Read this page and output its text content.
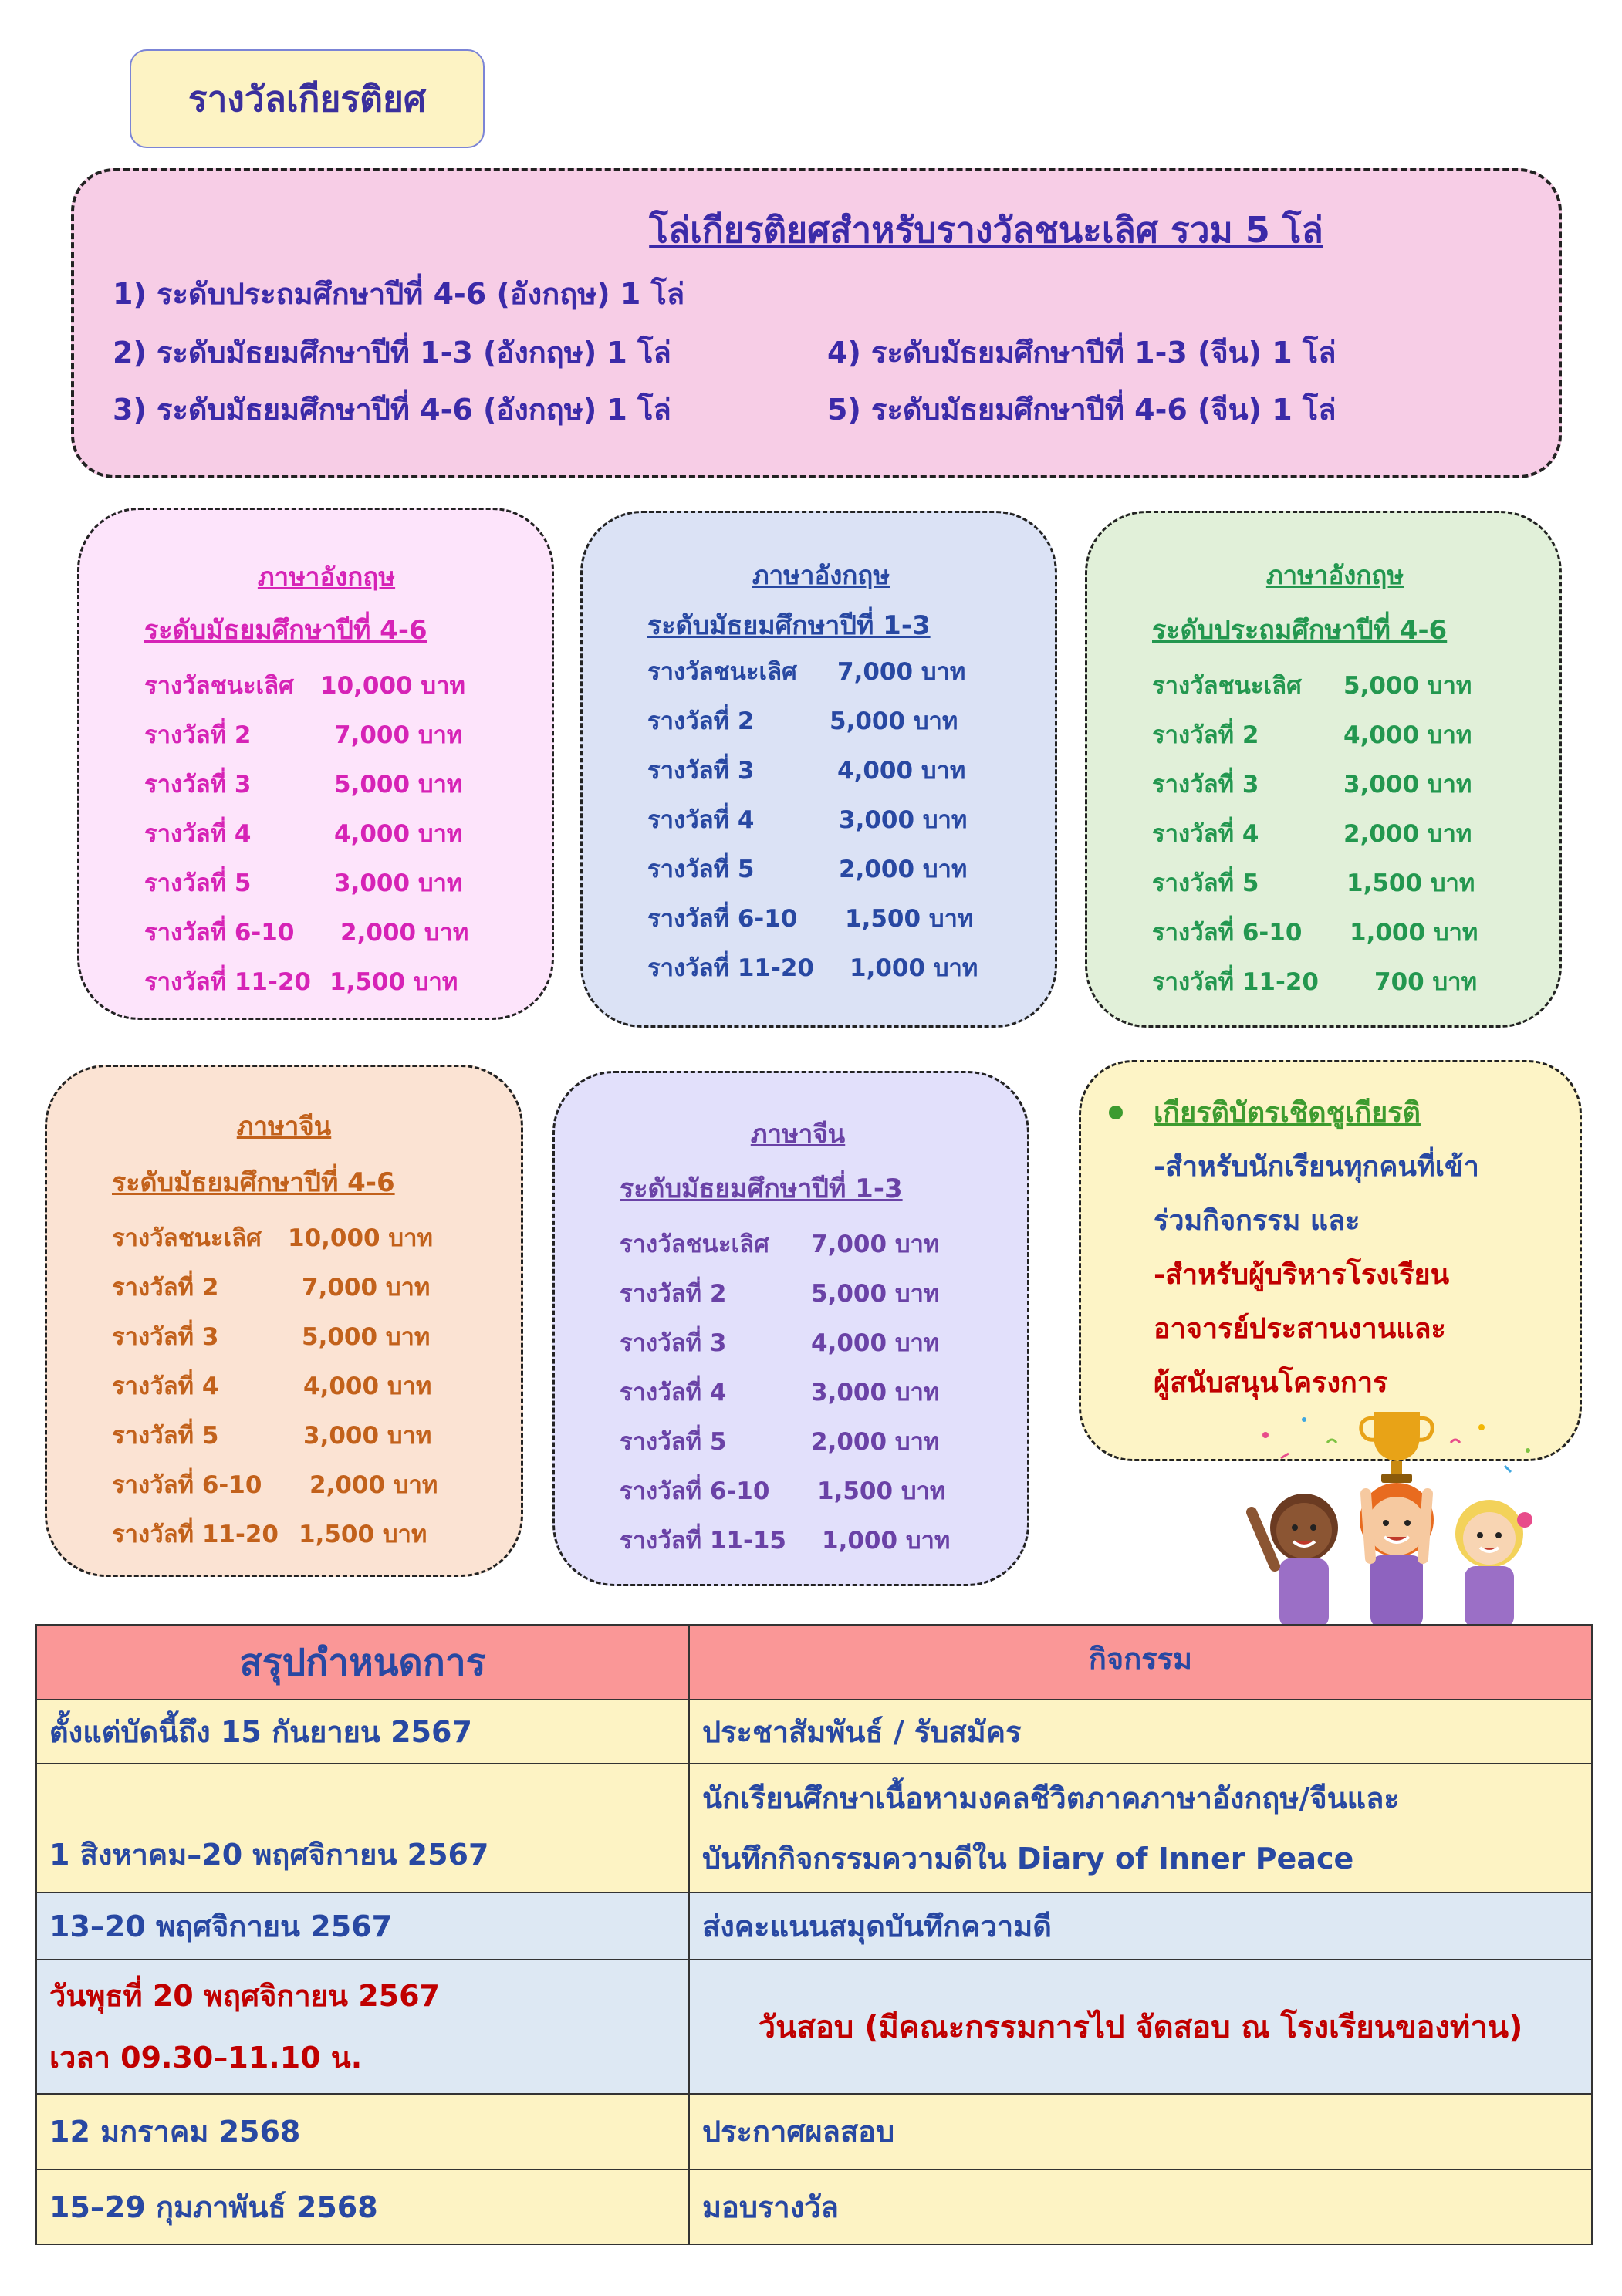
รางวัลเกียรติยศ
โล่เกียรติยศสำหรับรางวัลชนะเลิศ รวม 5 โล่
1) ระดับประถมศึกษาปีที่ 4-6 (อังกฤษ) 1 โล่
2) ระดับมัธยมศึกษาปีที่ 1-3 (อังกฤษ) 1 โล่
3) ระดับมัธยมศึกษาปีที่ 4-6 (อังกฤษ) 1 โล่
4) ระดับมัธยมศึกษาปีที่ 1-3 (จีน) 1 โล่
5) ระดับมัธยมศึกษาปีที่ 4-6 (จีน) 1 โล่
ภาษาอังกฤษ
ระดับมัธยมศึกษาปีที่ 4-6
รางวัลชนะเลิศ 10,000 บาท
รางวัลที่ 2	7,000 บาท
รางวัลที่ 3	5,000 บาท
รางวัลที่ 4	4,000 บาท
รางวัลที่ 5	3,000 บาท
รางวัลที่ 6-10 2,000 บาท
รางวัลที่ 11-20 1,500 บาท
ภาษาอังกฤษ
ระดับมัธยมศึกษาปีที่ 1-3
รางวัลชนะเลิศ 7,000 บาท
รางวัลที่ 2	5,000 บาท
รางวัลที่ 3	4,000 บาท
รางวัลที่ 4	3,000 บาท
รางวัลที่ 5	2,000 บาท
รางวัลที่ 6-10 1,500 บาท
รางวัลที่ 11-20 1,000 บาท
ภาษาอังกฤษ
ระดับประถมศึกษาปีที่ 4-6
รางวัลชนะเลิศ 5,000 บาท
รางวัลที่ 2	4,000 บาท
รางวัลที่ 3	3,000 บาท
รางวัลที่ 4	2,000 บาท
รางวัลที่ 5	1,500 บาท
รางวัลที่ 6-10 1,000 บาท
รางวัลที่ 11-20 700 บาท
ภาษาจีน
ระดับมัธยมศึกษาปีที่ 4-6
รางวัลชนะเลิศ 10,000 บาท
รางวัลที่ 2	7,000 บาท
รางวัลที่ 3	5,000 บาท
รางวัลที่ 4	4,000 บาท
รางวัลที่ 5	3,000 บาท
รางวัลที่ 6-10 2,000 บาท
รางวัลที่ 11-20 1,500 บาท
ภาษาจีน
ระดับมัธยมศึกษาปีที่ 1-3
รางวัลชนะเลิศ 7,000 บาท
รางวัลที่ 2	5,000 บาท
รางวัลที่ 3	4,000 บาท
รางวัลที่ 4	3,000 บาท
รางวัลที่ 5	2,000 บาท
รางวัลที่ 6-10 1,500 บาท
รางวัลที่ 11-15 1,000 บาท
เกียรติบัตรเชิดชูเกียรติ
-สำหรับนักเรียนทุกคนที่เข้า
ร่วมกิจกรรม และ
-สำหรับผู้บริหารโรงเรียน
อาจารย์ประสานงานและ
ผู้สนับสนุนโครงการ
สรุปกำหนดการ	กิจกรรม
ตั้งแต่บัดนี้ถึง 15 กันยายน 2567	ประชาสัมพันธ์ / รับสมัคร
1 สิงหาคม–20 พฤศจิกายน 2567	นักเรียนศึกษาเนื้อหามงคลชีวิตภาคภาษาอังกฤษ/จีนและ
บันทึกกิจกรรมความดีใน Diary of Inner Peace

13–20 พฤศจิกายน 2567	ส่งคะแนนสมุดบันทึกความดี

วันพุธที่ 20 พฤศจิกายน 2567
เวลา 09.30–11.10 น.	วันสอบ (มีคณะกรรมการไป จัดสอบ ณ โรงเรียนของท่าน)
12 มกราคม 2568	ประกาศผลสอบ
15–29 กุมภาพันธ์ 2568	มอบรางวัล
